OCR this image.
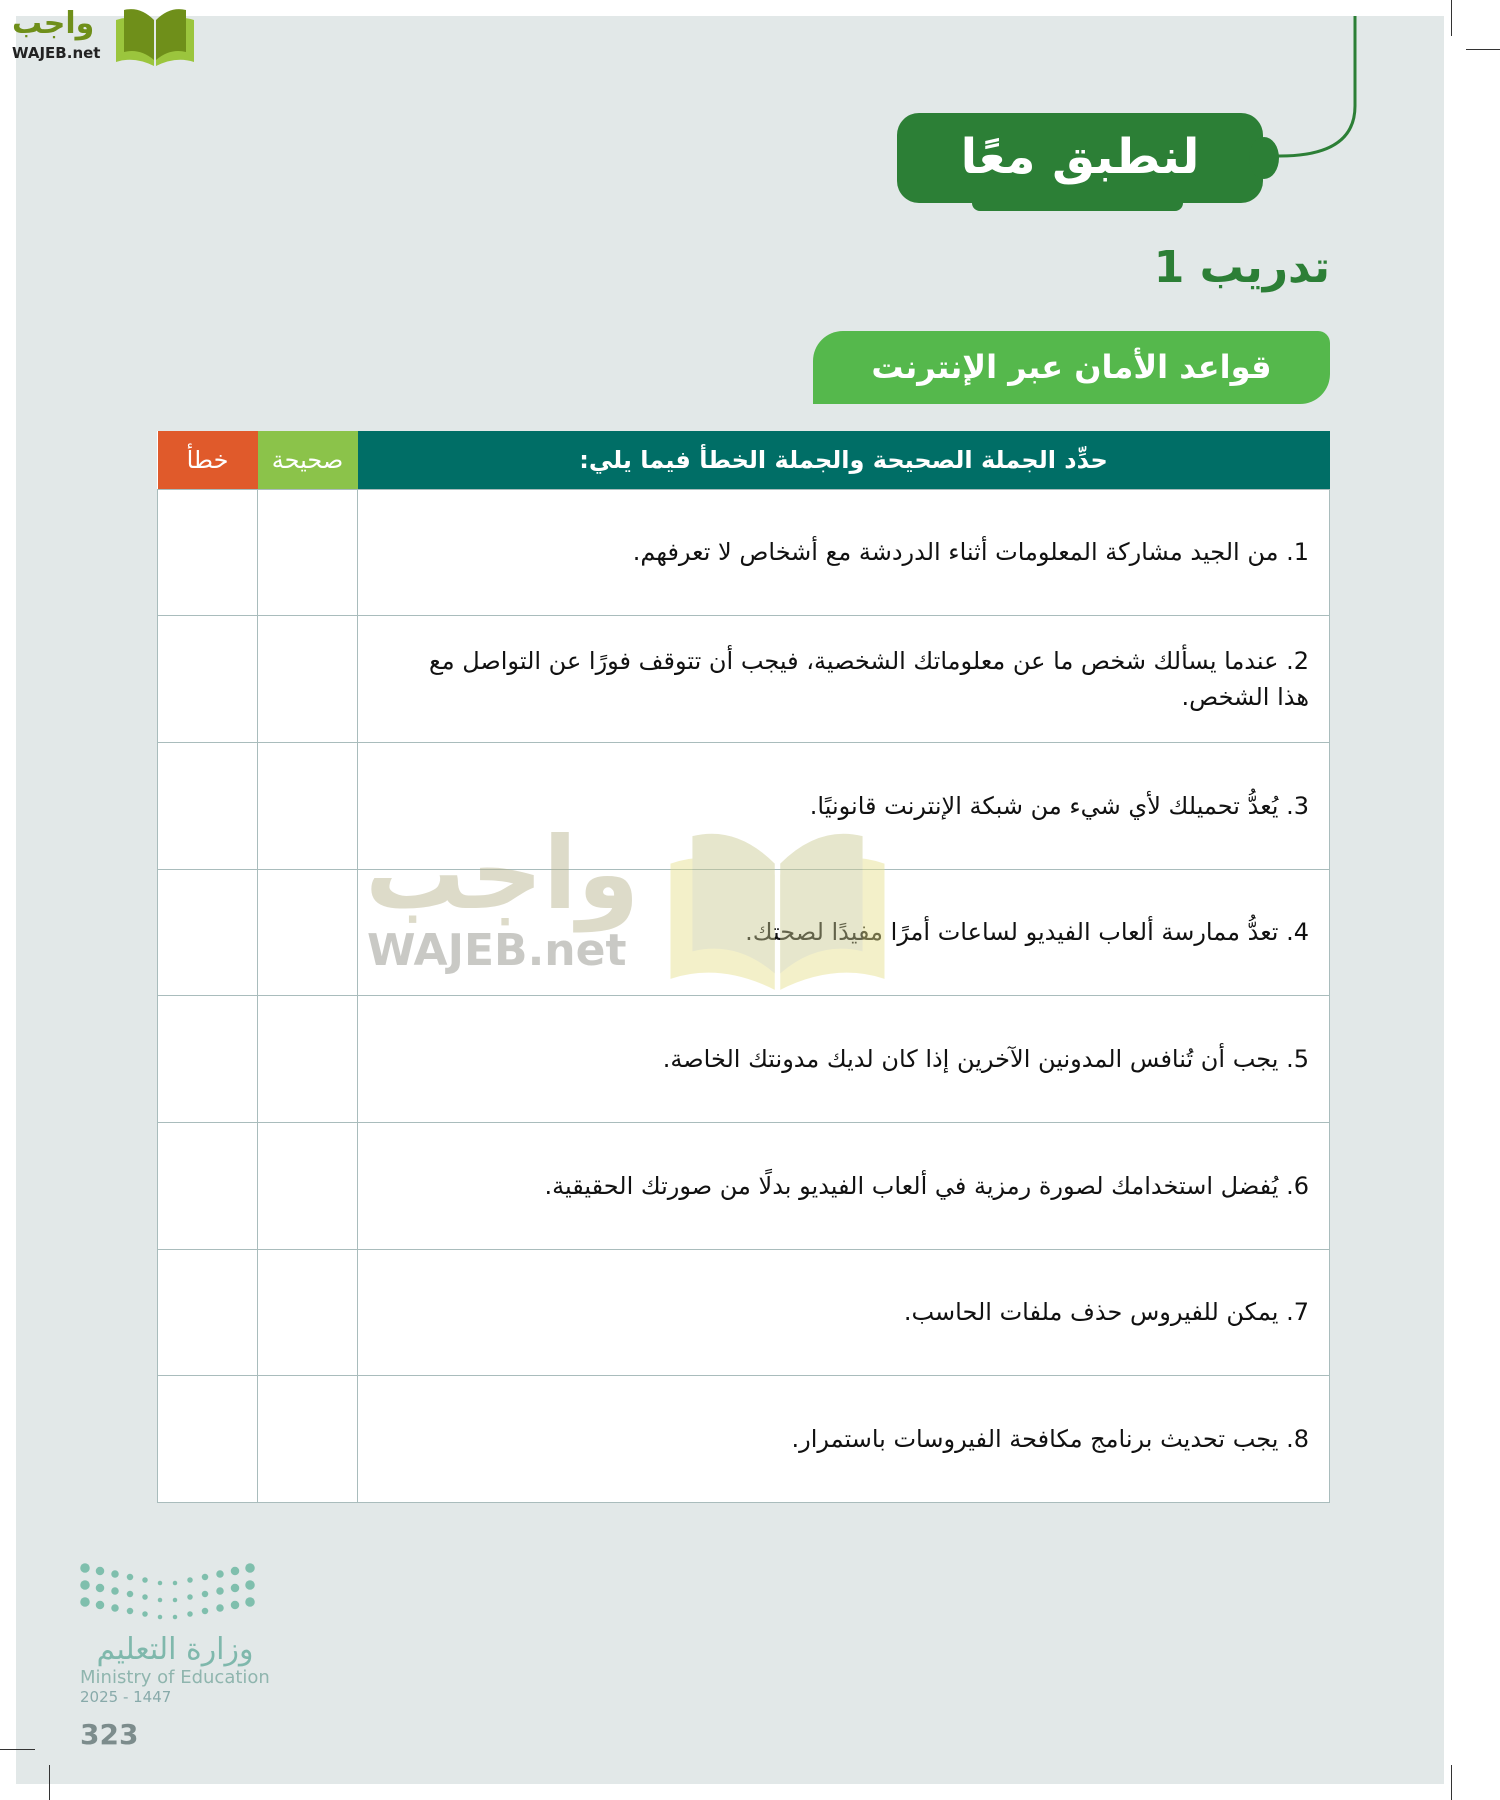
واجب
WAJEB.net
لنطبق معًا
تدريب 1
قواعد الأمان عبر الإنترنت
خطأ	صحيحة	حدِّد الجملة الصحيحة والجملة الخطأ فيما يلي:
		1. من الجيد مشاركة المعلومات أثناء الدردشة مع أشخاص لا تعرفهم.
		2. عندما يسألك شخص ما عن معلوماتك الشخصية، فيجب أن تتوقف فورًا عن التواصل مع هذا الشخص.
		3. يُعدُّ تحميلك لأي شيء من شبكة الإنترنت قانونيًا.
		4. تعدُّ ممارسة ألعاب الفيديو لساعات أمرًا مفيدًا لصحتك.
		5. يجب أن تُنافس المدونين الآخرين إذا كان لديك مدونتك الخاصة.
		6. يُفضل استخدامك لصورة رمزية في ألعاب الفيديو بدلًا من صورتك الحقيقية.
		7. يمكن للفيروس حذف ملفات الحاسب.
		8. يجب تحديث برنامج مكافحة الفيروسات باستمرار.
واجب
WAJEB.net
وزارة التعليم
Ministry of Education
2025 - 1447
323
